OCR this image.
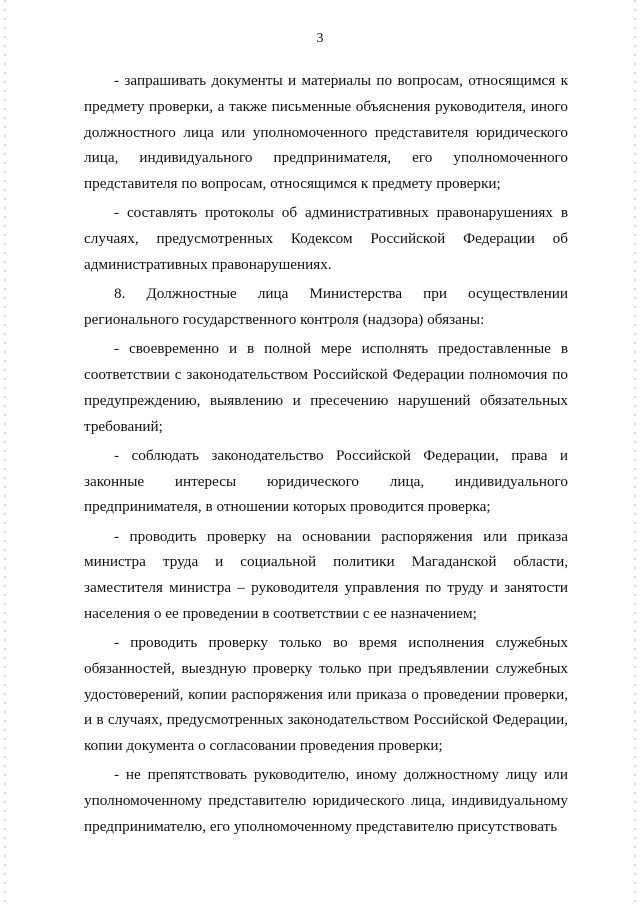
3

- запрашивать документы и материалы по вопросам, относящимся к предмету проверки, а также письменные объяснения руководителя, иного должностного лица или уполномоченного представителя юридического лица, индивидуального предпринимателя, его уполномоченного представителя по вопросам, относящимся к предмету проверки;

- составлять протоколы об административных правонарушениях в случаях, предусмотренных Кодексом Российской Федерации об административных правонарушениях.

8. Должностные лица Министерства при осуществлении регионального государственного контроля (надзора) обязаны:

- своевременно и в полной мере исполнять предоставленные в соответствии с законодательством Российской Федерации полномочия по предупреждению, выявлению и пресечению нарушений обязательных требований;

- соблюдать законодательство Российской Федерации, права и законные интересы юридического лица, индивидуального предпринимателя, в отношении которых проводится проверка;

- проводить проверку на основании распоряжения или приказа министра труда и социальной политики Магаданской области, заместителя министра – руководителя управления по труду и занятости населения о ее проведении в соответствии с ее назначением;

- проводить проверку только во время исполнения служебных обязанностей, выездную проверку только при предъявлении служебных удостоверений, копии распоряжения или приказа о проведении проверки, и в случаях, предусмотренных законодательством Российской Федерации, копии документа о согласовании проведения проверки;

- не препятствовать руководителю, иному должностному лицу или уполномоченному представителю юридического лица, индивидуальному предпринимателю, его уполномоченному представителю присутствовать
